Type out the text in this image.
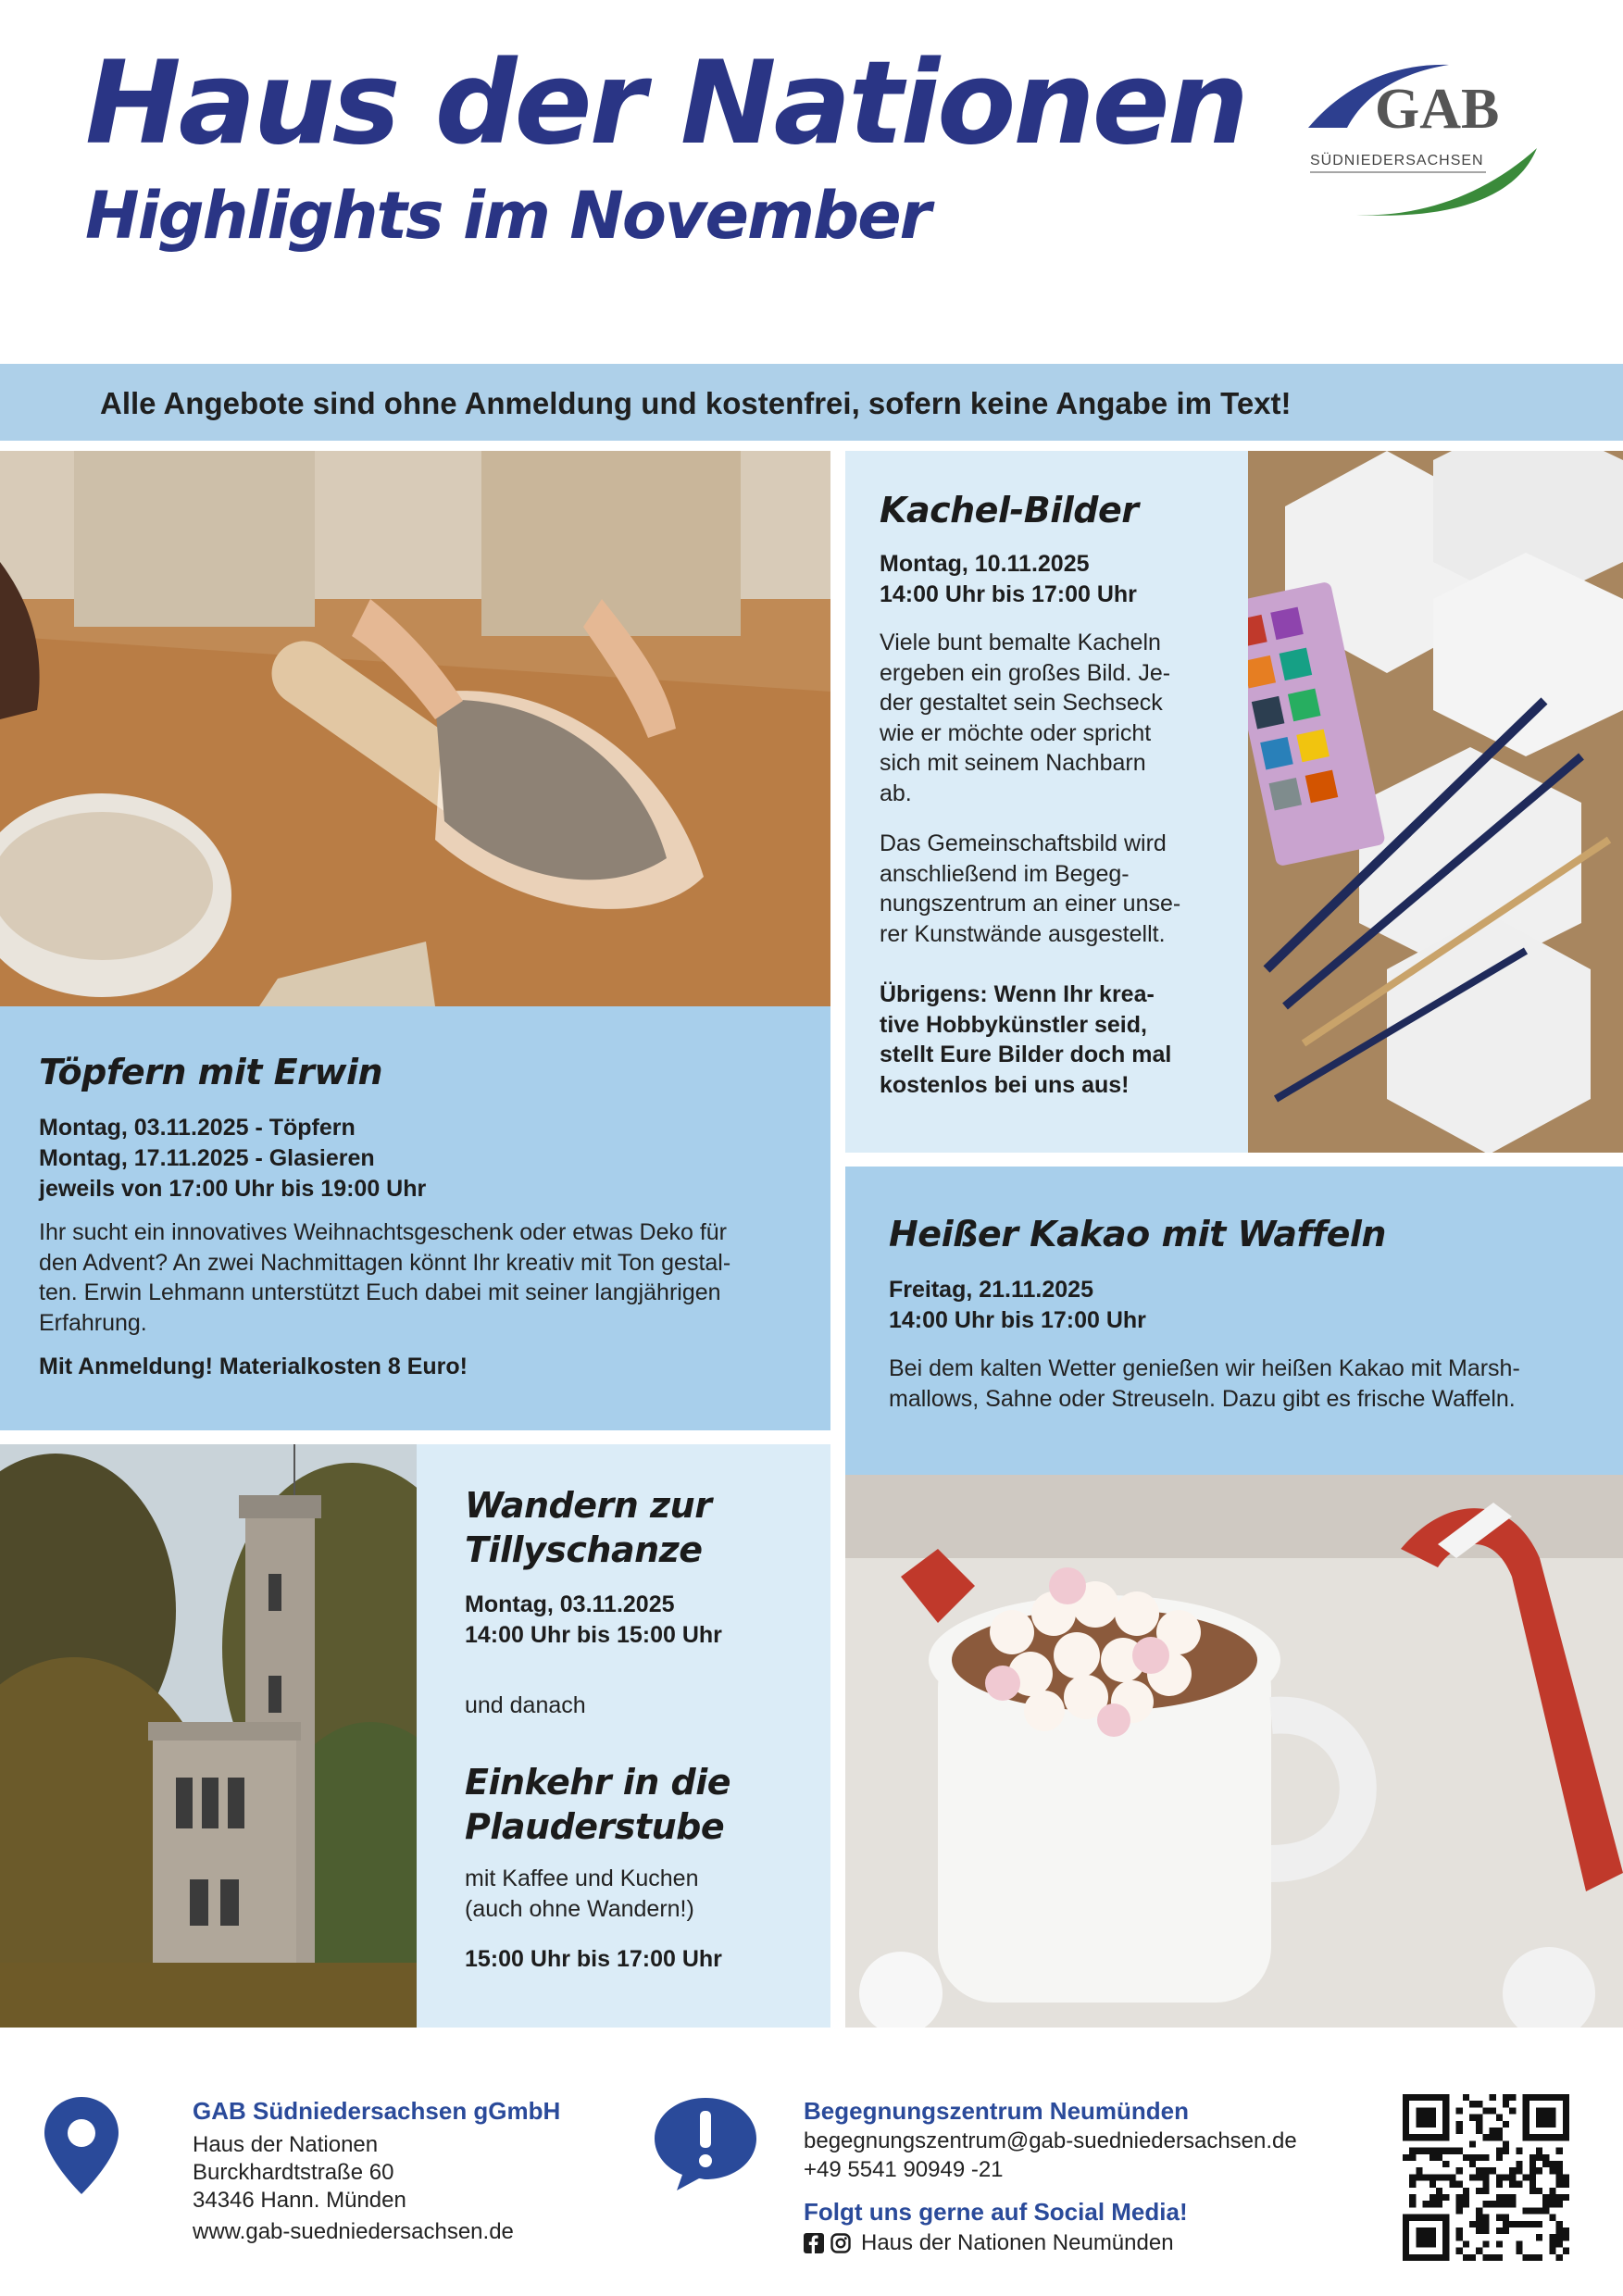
Haus der Nationen
Highlights im November
GAB
SÜDNIEDERSACHSEN
Alle Angebote sind ohne Anmeldung und kostenfrei, sofern keine Angabe im Text!
Töpfern mit Erwin
Montag, 03.11.2025 - Töpfern
Montag, 17.11.2025 - Glasieren
jeweils von 17:00 Uhr bis 19:00 Uhr
Ihr sucht ein innovatives Weihnachtsgeschenk oder etwas Deko für
den Advent? An zwei Nachmittagen könnt Ihr kreativ mit Ton gestal-
ten. Erwin Lehmann unterstützt Euch dabei mit seiner langjährigen
Erfahrung.
Mit Anmeldung! Materialkosten 8 Euro!
Kachel-Bilder
Montag, 10.11.2025
14:00 Uhr bis 17:00 Uhr
Viele bunt bemalte Kacheln
ergeben ein großes Bild. Je-
der gestaltet sein Sechseck
wie er möchte oder spricht
sich mit seinem Nachbarn
ab.
Das Gemeinschaftsbild wird
anschließend im Begeg-
nungszentrum an einer unse-
rer Kunstwände ausgestellt.
Übrigens: Wenn Ihr krea-
tive Hobbykünstler seid,
stellt Eure Bilder doch mal
kostenlos bei uns aus!
Heißer Kakao mit Waffeln
Freitag, 21.11.2025
14:00 Uhr bis 17:00 Uhr
Bei dem kalten Wetter genießen wir heißen Kakao mit Marsh-
mallows, Sahne oder Streuseln. Dazu gibt es frische Waffeln.
Wandern zur
Tillyschanze
Montag, 03.11.2025
14:00 Uhr bis 15:00 Uhr
und danach
Einkehr in die
Plauderstube
mit Kaffee und Kuchen
(auch ohne Wandern!)
15:00 Uhr bis 17:00 Uhr
GAB Südniedersachsen gGmbH
Haus der Nationen
Burckhardtstraße 60
34346 Hann. Münden
www.gab-suedniedersachsen.de
Begegnungszentrum Neumünden
begegnungszentrum@gab-suedniedersachsen.de
+49 5541 90949 -21
Folgt uns gerne auf Social Media!
Haus der Nationen Neumünden
